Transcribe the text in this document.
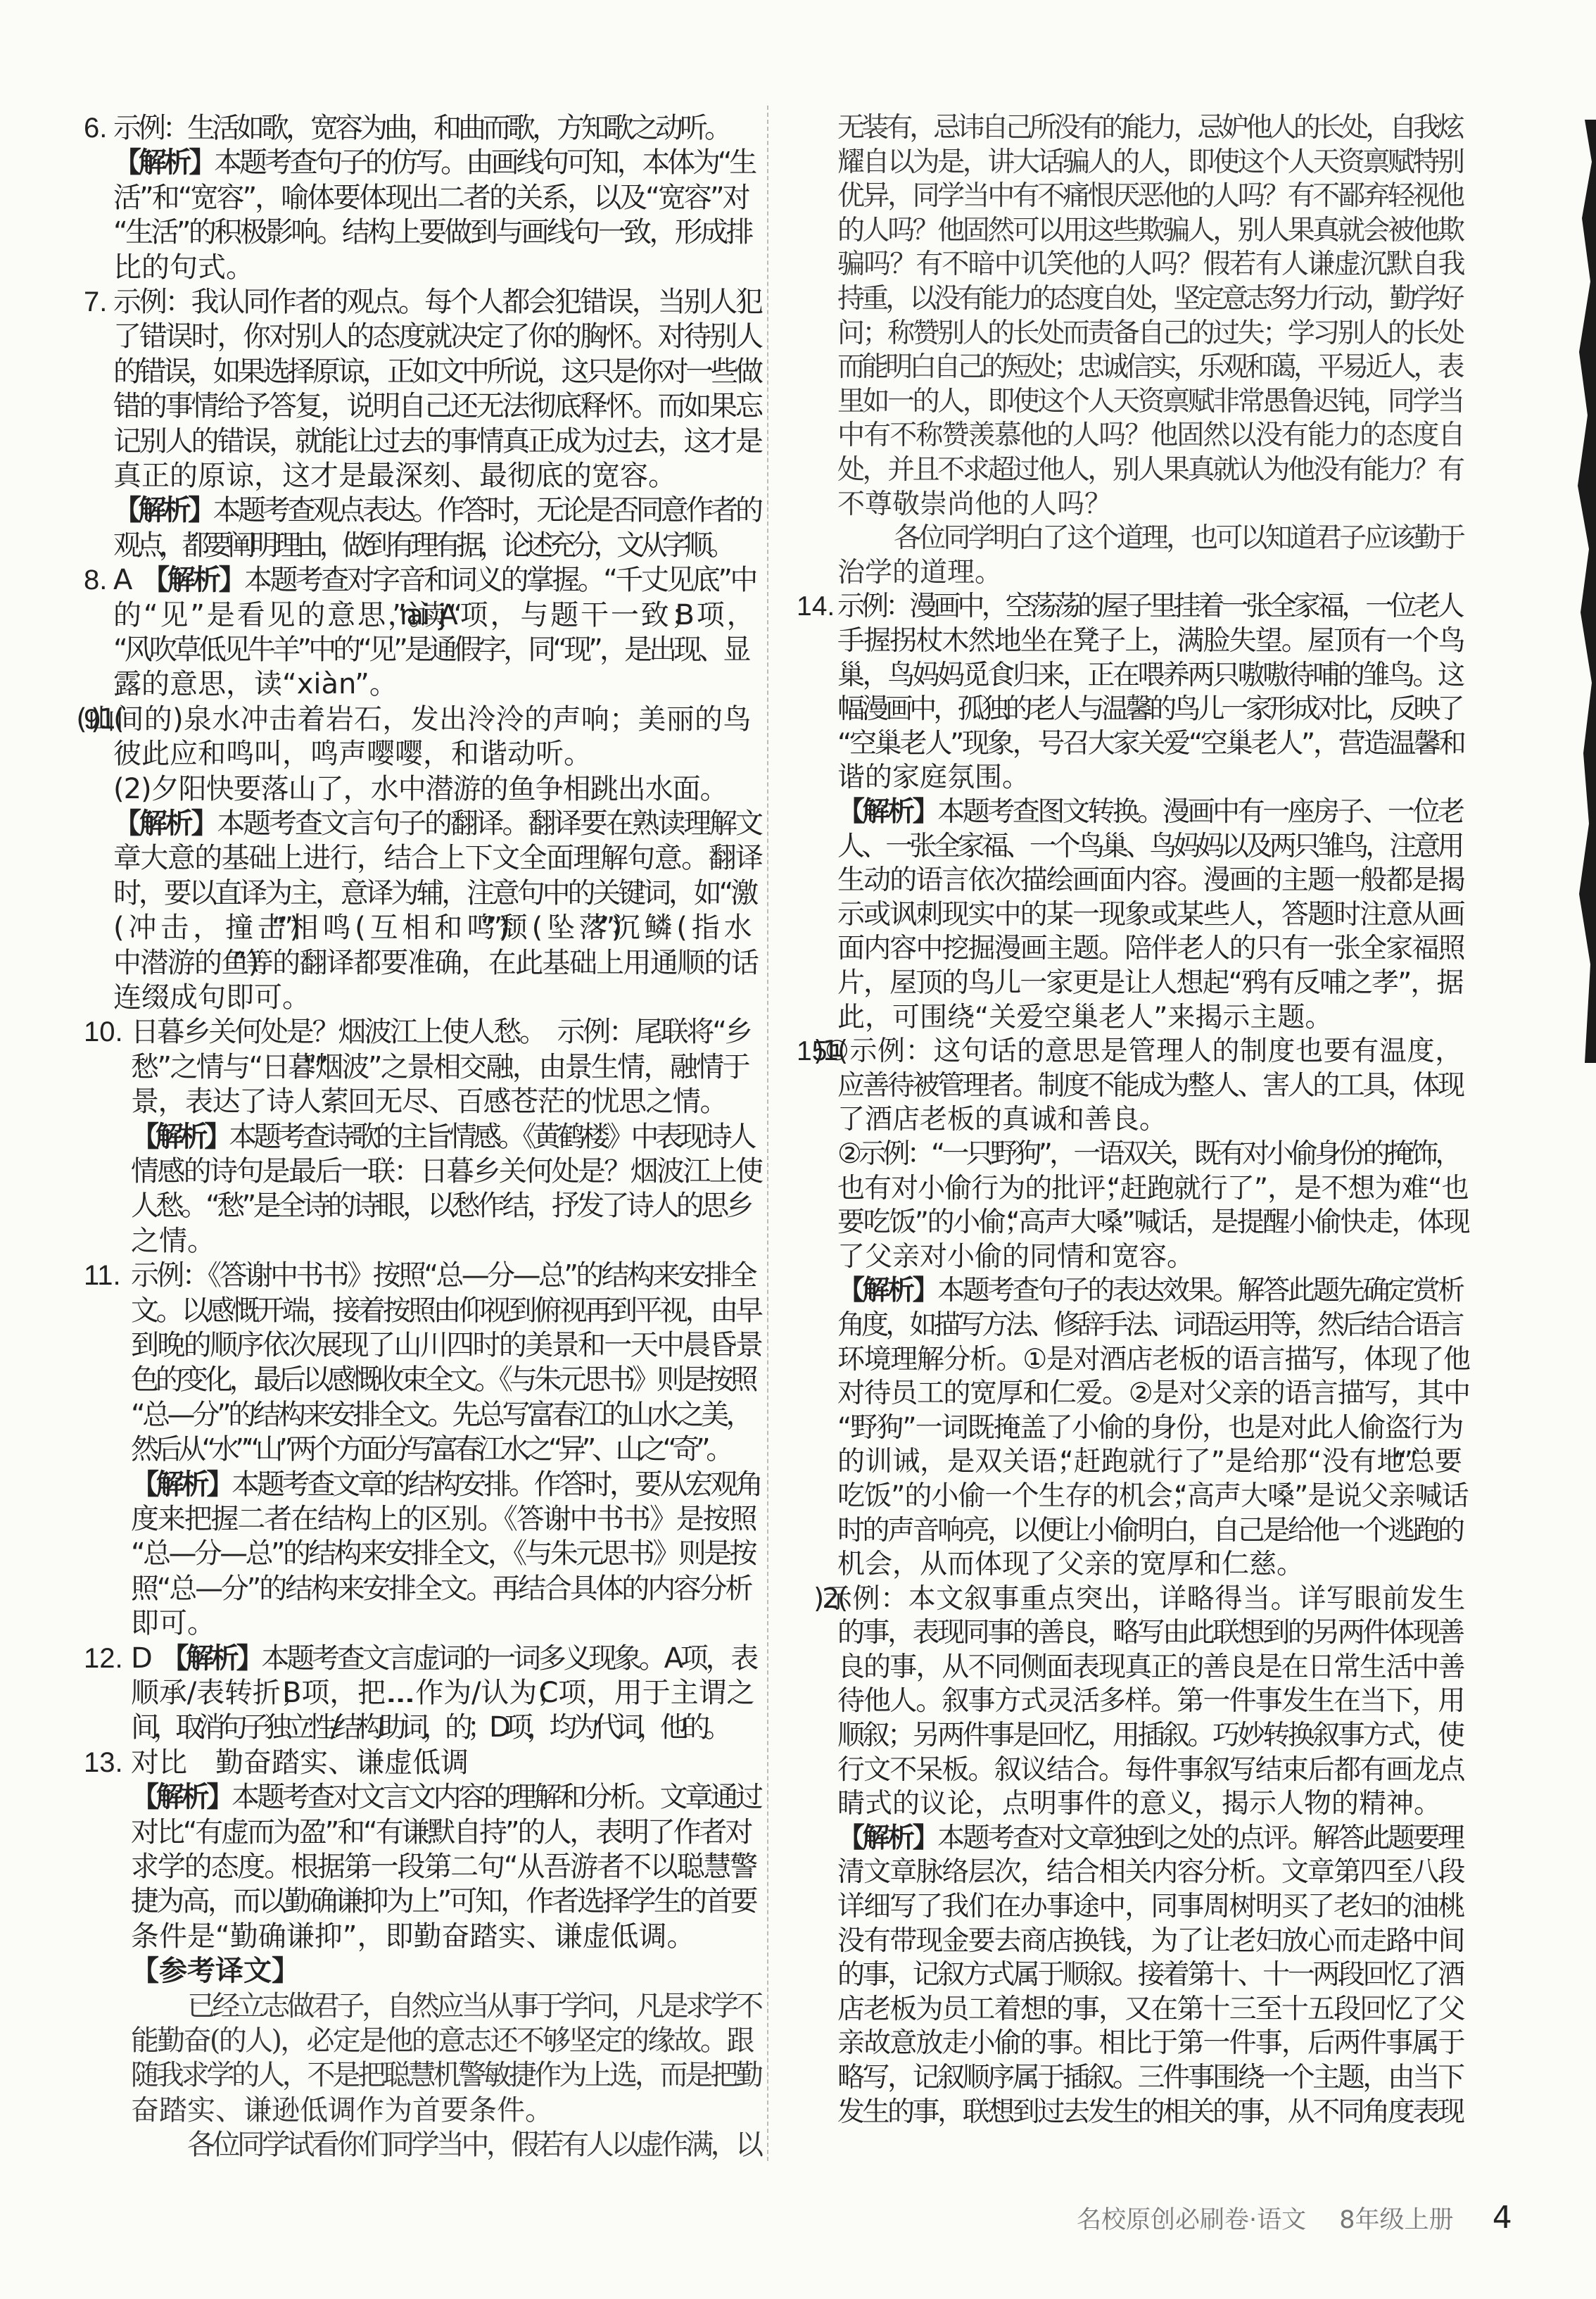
6. 示例：生活如歌，宽容为曲，和曲而歌，方知歌之动听。
【解析】本题考查句子的仿写。由画线句可知，本体为“生
活”和“宽容”，喻体要体现出二者的关系，以及“宽容”对
“生活”的积极影响。结构上要做到与画线句一致，形成排
比的句式。
7. 示例：我认同作者的观点。每个人都会犯错误，当别人犯
了错误时，你对别人的态度就决定了你的胸怀。对待别人
的错误，如果选择原谅，正如文中所说，这只是你对一些做
错的事情给予答复，说明自己还无法彻底释怀。而如果忘
记别人的错误，就能让过去的事情真正成为过去，这才是
真正的原谅，这才是最深刻、最彻底的宽容。
【解析】本题考查观点表达。作答时，无论是否同意作者的
观点，都要阐明理由，做到有理有据，论述充分，文从字顺。
8. A　【解析】本题考查对字音和词义的掌握。“千丈见底”中
的“见”是看见的意思，读“jiàn”。A项，与题干一致；B项，
“风吹草低见牛羊”中的“见”是通假字，同“现”，是出现、显
露的意思，读“xiàn”。
9. (1)(山间的)泉水冲击着岩石，发出泠泠的声响；美丽的鸟
彼此应和鸣叫，鸣声嘤嘤，和谐动听。
(2)夕阳快要落山了，水中潜游的鱼争相跳出水面。
【解析】本题考查文言句子的翻译。翻译要在熟读理解文
章大意的基础上进行，结合上下文全面理解句意。翻译
时，要以直译为主，意译为辅，注意句中的关键词，如“激
(冲击，撞击)”“相鸣(互相和鸣)”“颓(坠落)”“沉鳞(指水
中潜游的鱼)”等的翻译都要准确，在此基础上用通顺的话
连缀成句即可。
10. 日暮乡关何处是？烟波江上使人愁。　示例：尾联将“乡
愁”之情与“日暮”“烟波”之景相交融，由景生情，融情于
景，表达了诗人萦回无尽、百感苍茫的忧思之情。
【解析】本题考查诗歌的主旨情感。《黄鹤楼》中表现诗人
情感的诗句是最后一联：日暮乡关何处是？烟波江上使
人愁。“愁”是全诗的诗眼，以愁作结，抒发了诗人的思乡
之情。
11. 示例：《答谢中书书》按照“总—分—总”的结构来安排全
文。以感慨开端，接着按照由仰视到俯视再到平视，由早
到晚的顺序依次展现了山川四时的美景和一天中晨昏景
色的变化，最后以感慨收束全文。《与朱元思书》则是按照
“总—分”的结构来安排全文。先总写富春江的山水之美，
然后从“水”“山”两个方面分写富春江水之“异”、山之“奇”。
【解析】本题考查文章的结构安排。作答时，要从宏观角
度来把握二者在结构上的区别。《答谢中书书》是按照
“总—分—总”的结构来安排全文，《与朱元思书》则是按
照“总—分”的结构来安排全文。再结合具体的内容分析
即可。
12. D　【解析】本题考查文言虚词的一词多义现象。A项，表
顺承/表转折；B项，把……作为/认为；C项，用于主谓之
间，取消句子独立性/结构助词，的；D项，均为代词，他的。
13. 对比　勤奋踏实、谦虚低调
【解析】本题考查对文言文内容的理解和分析。文章通过
对比“有虚而为盈”和“有谦默自持”的人，表明了作者对
求学的态度。根据第一段第二句“从吾游者不以聪慧警
捷为高，而以勤确谦抑为上”可知，作者选择学生的首要
条件是“勤确谦抑”，即勤奋踏实、谦虚低调。
【参考译文】
已经立志做君子，自然应当从事于学问，凡是求学不
能勤奋(的人)，必定是他的意志还不够坚定的缘故。跟
随我求学的人，不是把聪慧机警敏捷作为上选，而是把勤
奋踏实、谦逊低调作为首要条件。
各位同学试看你们同学当中，假若有人以虚作满，以
无装有，忌讳自己所没有的能力，忌妒他人的长处，自我炫
耀自以为是，讲大话骗人的人，即使这个人天资禀赋特别
优异，同学当中有不痛恨厌恶他的人吗？有不鄙弃轻视他
的人吗？他固然可以用这些欺骗人，别人果真就会被他欺
骗吗？有不暗中讥笑他的人吗？假若有人谦虚沉默自我
持重，以没有能力的态度自处，坚定意志努力行动，勤学好
问；称赞别人的长处而责备自己的过失；学习别人的长处
而能明白自己的短处；忠诚信实，乐观和蔼，平易近人，表
里如一的人，即使这个人天资禀赋非常愚鲁迟钝，同学当
中有不称赞羡慕他的人吗？他固然以没有能力的态度自
处，并且不求超过他人，别人果真就认为他没有能力？有
不尊敬崇尚他的人吗？
各位同学明白了这个道理，也可以知道君子应该勤于
治学的道理。
14. 示例：漫画中，空荡荡的屋子里挂着一张全家福，一位老人
手握拐杖木然地坐在凳子上，满脸失望。屋顶有一个鸟
巢，鸟妈妈觅食归来，正在喂养两只嗷嗷待哺的雏鸟。这
幅漫画中，孤独的老人与温馨的鸟儿一家形成对比，反映了
“空巢老人”现象，号召大家关爱“空巢老人”，营造温馨和
谐的家庭氛围。
【解析】本题考查图文转换。漫画中有一座房子、一位老
人、一张全家福、一个鸟巢、鸟妈妈以及两只雏鸟，注意用
生动的语言依次描绘画面内容。漫画的主题一般都是揭
示或讽刺现实中的某一现象或某些人，答题时注意从画
面内容中挖掘漫画主题。陪伴老人的只有一张全家福照
片，屋顶的鸟儿一家更是让人想起“鸦有反哺之孝”，据
此，可围绕“关爱空巢老人”来揭示主题。
15. (1)①示例：这句话的意思是管理人的制度也要有温度，
应善待被管理者。制度不能成为整人、害人的工具，体现
了酒店老板的真诚和善良。
②示例：“一只野狗”，一语双关，既有对小偷身份的掩饰，
也有对小偷行为的批评；“赶跑就行了”，是不想为难“也
要吃饭”的小偷；“高声大嗓”喊话，是提醒小偷快走，体现
了父亲对小偷的同情和宽容。
【解析】本题考查句子的表达效果。解答此题先确定赏析
角度，如描写方法、修辞手法、词语运用等，然后结合语言
环境理解分析。①是对酒店老板的语言描写，体现了他
对待员工的宽厚和仁爱。②是对父亲的语言描写，其中
“野狗”一词既掩盖了小偷的身份，也是对此人偷盗行为
的训诫，是双关语；“赶跑就行了”是给那“没有地”“总要
吃饭”的小偷一个生存的机会；“高声大嗓”是说父亲喊话
时的声音响亮，以便让小偷明白，自己是给他一个逃跑的
机会，从而体现了父亲的宽厚和仁慈。
(2)示例：本文叙事重点突出，详略得当。详写眼前发生
的事，表现同事的善良，略写由此联想到的另两件体现善
良的事，从不同侧面表现真正的善良是在日常生活中善
待他人。叙事方式灵活多样。第一件事发生在当下，用
顺叙；另两件事是回忆，用插叙。巧妙转换叙事方式，使
行文不呆板。叙议结合。每件事叙写结束后都有画龙点
睛式的议论，点明事件的意义，揭示人物的精神。
【解析】本题考查对文章独到之处的点评。解答此题要理
清文章脉络层次，结合相关内容分析。文章第四至八段
详细写了我们在办事途中，同事周树明买了老妇的油桃
没有带现金要去商店换钱，为了让老妇放心而走路中间
的事，记叙方式属于顺叙。接着第十、十一两段回忆了酒
店老板为员工着想的事，又在第十三至十五段回忆了父
亲故意放走小偷的事。相比于第一件事，后两件事属于
略写，记叙顺序属于插叙。三件事围绕一个主题，由当下
发生的事，联想到过去发生的相关的事，从不同角度表现
名校原创必刷卷·语文 8年级上册 4
